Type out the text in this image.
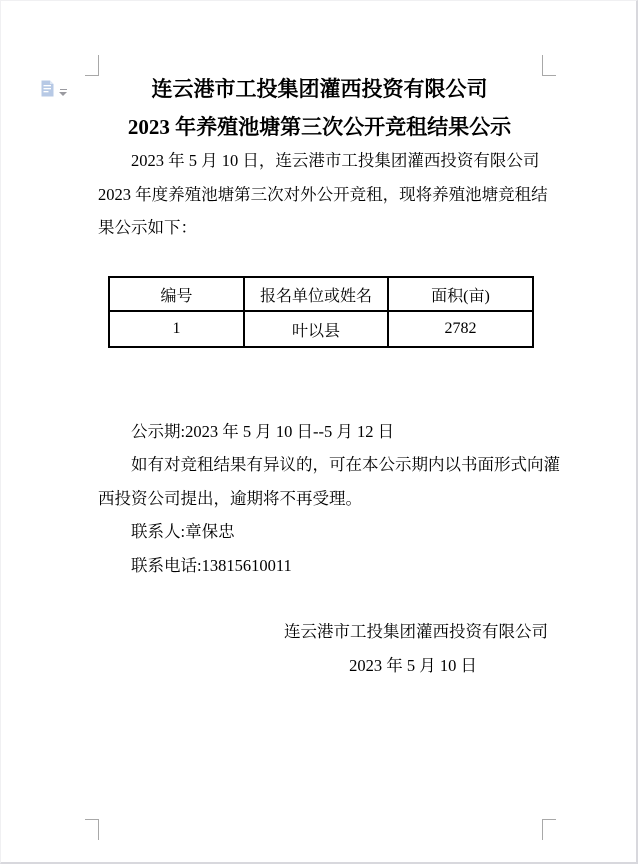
连云港市工投集团灌西投资有限公司
2023 年养殖池塘第三次公开竞租结果公示
2023 年 5 月 10 日，连云港市工投集团灌西投资有限公司
2023 年度养殖池塘第三次对外公开竞租，现将养殖池塘竞租结
果公示如下：
编号	报名单位或姓名	面积(亩)
1	叶以县	2782
公示期:2023 年 5 月 10 日--5 月 12 日
如有对竞租结果有异议的，可在本公示期内以书面形式向灌
西投资公司提出，逾期将不再受理。
联系人:章保忠
联系电话:13815610011
连云港市工投集团灌西投资有限公司
2023 年 5 月 10 日
